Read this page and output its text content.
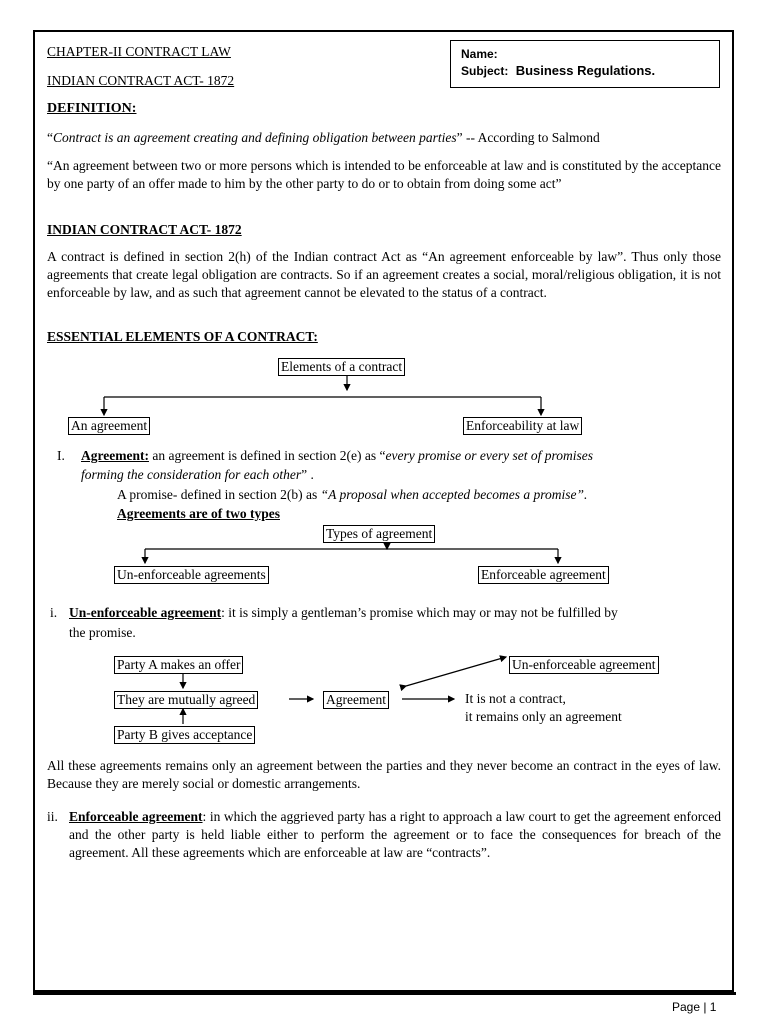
CHAPTER-II CONTRACT LAW
INDIAN CONTRACT ACT- 1872
Name:
Subject: Business Regulations.
DEFINITION:
“Contract is an agreement creating and defining obligation between parties” -- According to Salmond
“An agreement between two or more persons which is intended to be enforceable at law and is constituted by the acceptance by one party of an offer made to him by the other party to do or to obtain from doing some act”
INDIAN CONTRACT ACT- 1872
A contract is defined in section 2(h) of the Indian contract Act as “An agreement enforceable by law”. Thus only those agreements that create legal obligation are contracts. So if an agreement creates a social, moral/religious obligation, it is not enforceable by law, and as such that agreement cannot be elevated to the status of a contract.
ESSENTIAL ELEMENTS OF A CONTRACT:
Elements of a contract
An agreement	Enforceability at law
I. Agreement: an agreement is defined in section 2(e) as “every promise or every set of promises
forming the consideration for each other” .
A promise- defined in section 2(b) as “A proposal when accepted becomes a promise”.
Agreements are of two types
Types of agreement
Un-enforceable agreements	Enforceable agreement
i. Un-enforceable agreement: it is simply a gentleman’s promise which may or may not be fulfilled by
the promise.
Party A makes an offer
They are mutually agreed
Party B gives acceptance
Agreement
Un-enforceable agreement
It is not a contract,
it remains only an agreement
All these agreements remains only an agreement between the parties and they never become an contract in the eyes of law. Because they are merely social or domestic arrangements.
ii. Enforceable agreement: in which the aggrieved party has a right to approach a law court to get the agreement enforced and the other party is held liable either to perform the agreement or to face the consequences for breach of the agreement. All these agreements which are enforceable at law are “contracts”.
Page | 1
